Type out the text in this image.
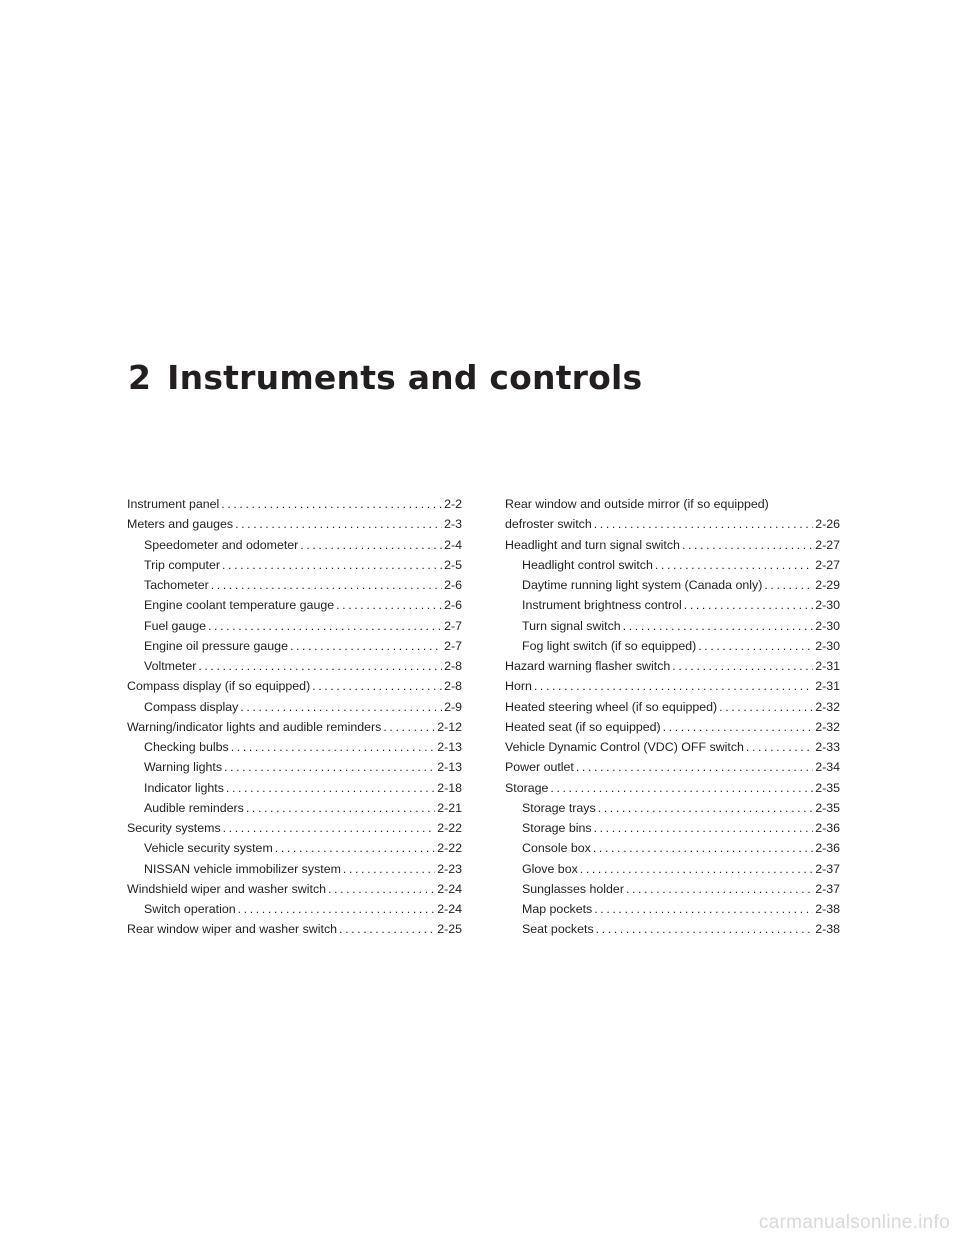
2 Instruments and controls
Instrument panel .....	2-2
Meters and gauges .....	2-3
Speedometer and odometer .....	2-4
Trip computer .....	2-5
Tachometer .....	2-6
Engine coolant temperature gauge .....	2-6
Fuel gauge .....	2-7
Engine oil pressure gauge .....	2-7
Voltmeter .....	2-8
Compass display (if so equipped) .....	2-8
Compass display .....	2-9
Warning/indicator lights and audible reminders .....	2-12
Checking bulbs .....	2-13
Warning lights .....	2-13
Indicator lights .....	2-18
Audible reminders .....	2-21
Security systems .....	2-22
Vehicle security system .....	2-22
NISSAN vehicle immobilizer system .....	2-23
Windshield wiper and washer switch .....	2-24
Switch operation .....	2-24
Rear window wiper and washer switch .....	2-25
Rear window and outside mirror (if so equipped)
defroster switch .....	2-26
Headlight and turn signal switch .....	2-27
Headlight control switch .....	2-27
Daytime running light system (Canada only) .....	2-29
Instrument brightness control .....	2-30
Turn signal switch .....	2-30
Fog light switch (if so equipped) .....	2-30
Hazard warning flasher switch .....	2-31
Horn .....	2-31
Heated steering wheel (if so equipped) .....	2-32
Heated seat (if so equipped) .....	2-32
Vehicle Dynamic Control (VDC) OFF switch .....	2-33
Power outlet .....	2-34
Storage .....	2-35
Storage trays .....	2-35
Storage bins .....	2-36
Console box .....	2-36
Glove box .....	2-37
Sunglasses holder .....	2-37
Map pockets .....	2-38
Seat pockets .....	2-38
carmanualsonline.info
